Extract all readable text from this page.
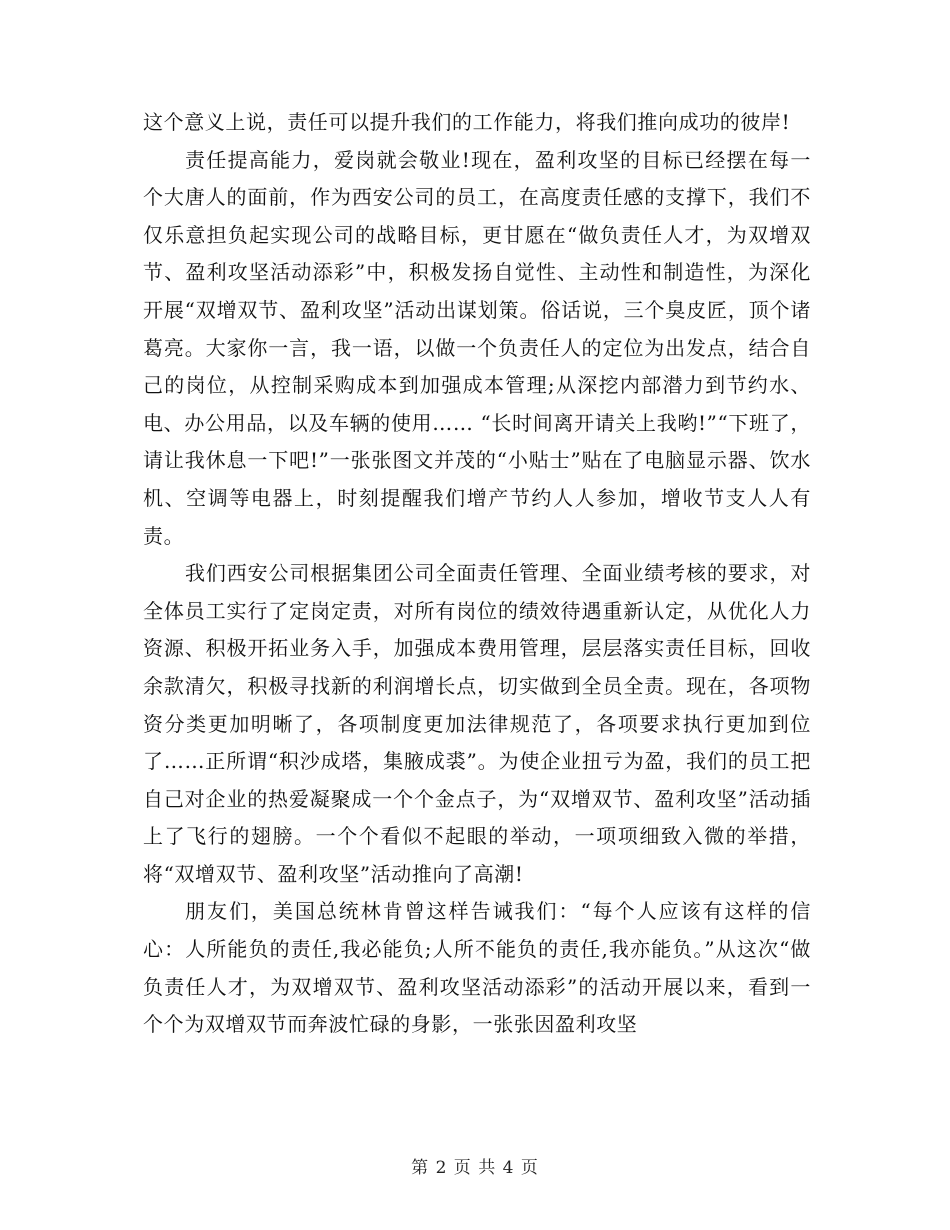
这个意义上说，责任可以提升我们的工作能力，将我们推向成功的彼岸!

责任提高能力，爱岗就会敬业!现在，盈利攻坚的目标已经摆在每一个大唐人的面前，作为西安公司的员工，在高度责任感的支撑下，我们不仅乐意担负起实现公司的战略目标，更甘愿在“做负责任人才，为双增双节、盈利攻坚活动添彩”中，积极发扬自觉性、主动性和制造性，为深化开展“双增双节、盈利攻坚”活动出谋划策。俗话说，三个臭皮匠，顶个诸葛亮。大家你一言，我一语，以做一个负责任人的定位为出发点，结合自己的岗位，从控制采购成本到加强成本管理;从深挖内部潜力到节约水、电、办公用品，以及车辆的使用…… “长时间离开请关上我哟!”“下班了，请让我休息一下吧!”一张张图文并茂的“小贴士”贴在了电脑显示器、饮水机、空调等电器上，时刻提醒我们增产节约人人参加，增收节支人人有责。

我们西安公司根据集团公司全面责任管理、全面业绩考核的要求，对全体员工实行了定岗定责，对所有岗位的绩效待遇重新认定，从优化人力资源、积极开拓业务入手，加强成本费用管理，层层落实责任目标，回收余款清欠，积极寻找新的利润增长点，切实做到全员全责。现在，各项物资分类更加明晰了，各项制度更加法律规范了，各项要求执行更加到位了……正所谓“积沙成塔，集腋成裘”。为使企业扭亏为盈，我们的员工把自己对企业的热爱凝聚成一个个金点子，为“双增双节、盈利攻坚”活动插上了飞行的翅膀。一个个看似不起眼的举动，一项项细致入微的举措，将“双增双节、盈利攻坚”活动推向了高潮!

朋友们，美国总统林肯曾这样告诫我们：“每个人应该有这样的信心：人所能负的责任,我必能负;人所不能负的责任,我亦能负。”从这次“做负责任人才，为双增双节、盈利攻坚活动添彩”的活动开展以来，看到一个个为双增双节而奔波忙碌的身影，一张张因盈利攻坚

第 2 页 共 4 页
